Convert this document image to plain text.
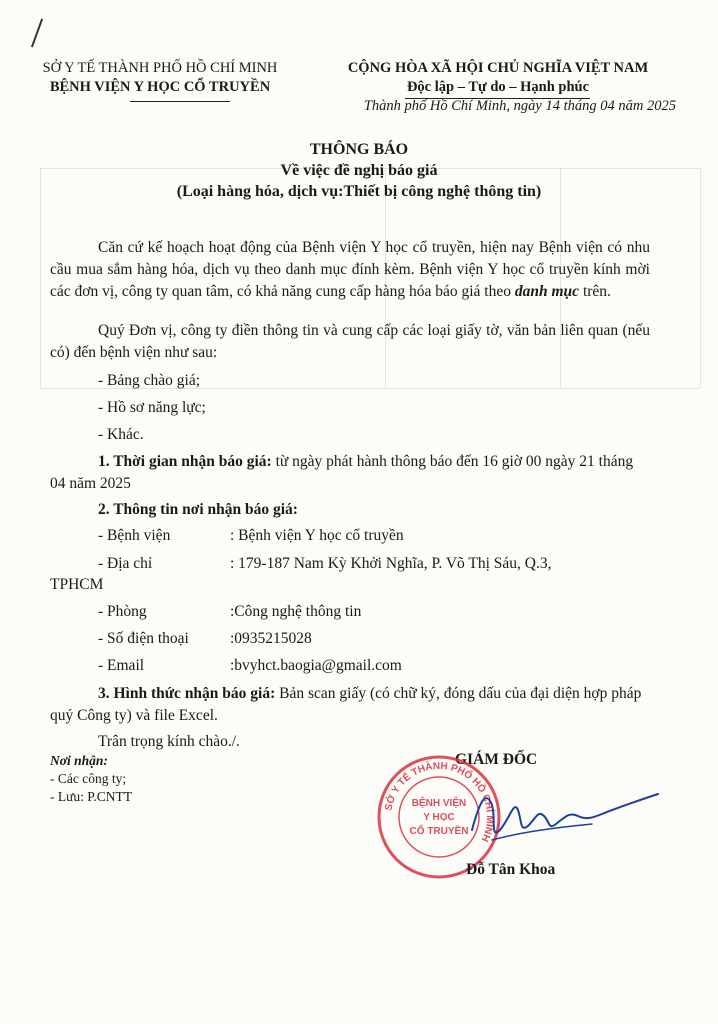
SỞ Y TẾ THÀNH PHỐ HỒ CHÍ MINH
BỆNH VIỆN Y HỌC CỔ TRUYỀN
CỘNG HÒA XÃ HỘI CHỦ NGHĨA VIỆT NAM
Độc lập – Tự do – Hạnh phúc
Thành phố Hồ Chí Minh, ngày 14 tháng 04 năm 2025
THÔNG BÁO
Về việc đề nghị báo giá
(Loại hàng hóa, dịch vụ:Thiết bị công nghệ thông tin)
Căn cứ kế hoạch hoạt động của Bệnh viện Y học cổ truyền, hiện nay Bệnh viện có nhu cầu mua sắm hàng hóa, dịch vụ theo danh mục đính kèm. Bệnh viện Y học cổ truyền kính mời các đơn vị, công ty quan tâm, có khả năng cung cấp hàng hóa báo giá theo danh mục trên.
Quý Đơn vị, công ty điền thông tin và cung cấp các loại giấy tờ, văn bản liên quan (nếu có) đến bệnh viện như sau:
- Bảng chào giá;
- Hồ sơ năng lực;
- Khác.
1. Thời gian nhận báo giá: từ ngày phát hành thông báo đến 16 giờ 00 ngày 21 tháng 04 năm 2025
2. Thông tin nơi nhận báo giá:
- Bệnh viện	: Bệnh viện Y học cổ truyền
- Địa chỉ	: 179-187 Nam Kỳ Khởi Nghĩa, P. Võ Thị Sáu, Q.3,
TPHCM
- Phòng	:Công nghệ thông tin
- Số điện thoại	:0935215028
- Email	:bvyhct.baogia@gmail.com
3. Hình thức nhận báo giá: Bản scan giấy (có chữ ký, đóng dấu của đại diện hợp pháp quý Công ty) và file Excel.
Trân trọng kính chào./.
Nơi nhận:
- Các công ty;
- Lưu: P.CNTT
GIÁM ĐỐC
SỞ Y TẾ THÀNH PHỐ HỒ CHÍ MINH
BỆNH VIỆN
Y HỌC
CỔ TRUYỀN
Đỗ Tân Khoa
